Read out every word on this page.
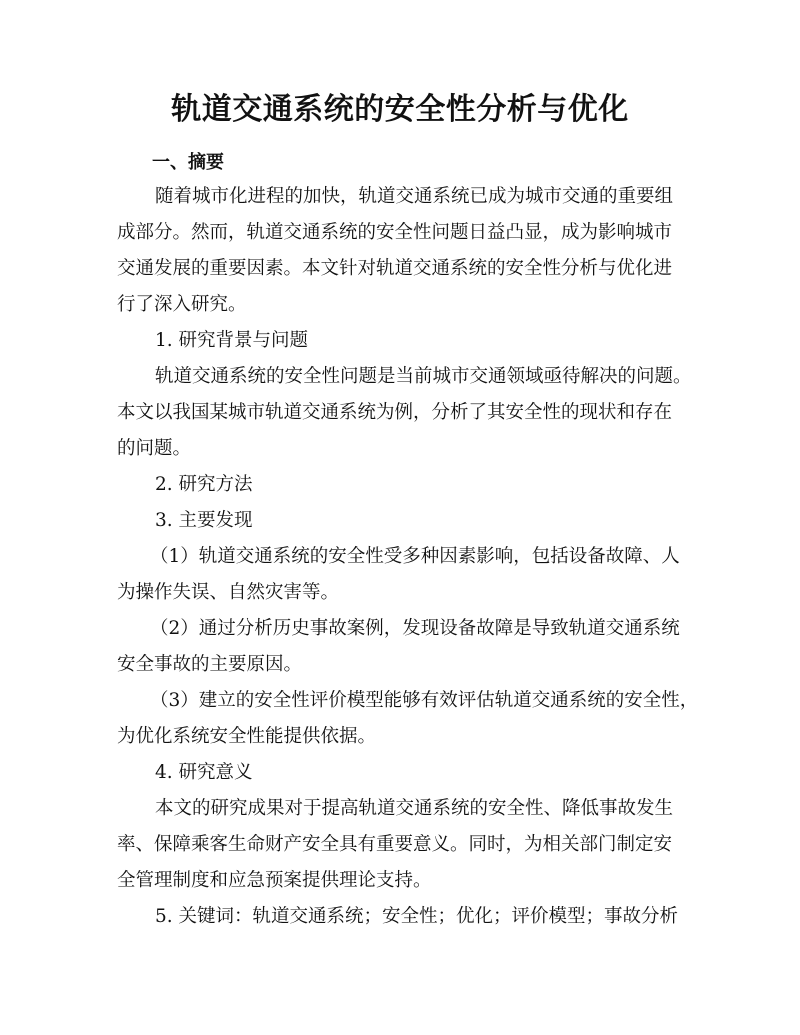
轨道交通系统的安全性分析与优化
一、摘要
随着城市化进程的加快，轨道交通系统已成为城市交通的重要组
成部分。然而，轨道交通系统的安全性问题日益凸显，成为影响城市
交通发展的重要因素。本文针对轨道交通系统的安全性分析与优化进
行了深入研究。
1. 研究背景与问题
轨道交通系统的安全性问题是当前城市交通领域亟待解决的问题。
本文以我国某城市轨道交通系统为例，分析了其安全性的现状和存在
的问题。
2. 研究方法
3. 主要发现
（1）轨道交通系统的安全性受多种因素影响，包括设备故障、人
为操作失误、自然灾害等。
（2）通过分析历史事故案例，发现设备故障是导致轨道交通系统
安全事故的主要原因。
（3）建立的安全性评价模型能够有效评估轨道交通系统的安全性，
为优化系统安全性能提供依据。
4. 研究意义
本文的研究成果对于提高轨道交通系统的安全性、降低事故发生
率、保障乘客生命财产安全具有重要意义。同时，为相关部门制定安
全管理制度和应急预案提供理论支持。
5. 关键词：轨道交通系统；安全性；优化；评价模型；事故分析
